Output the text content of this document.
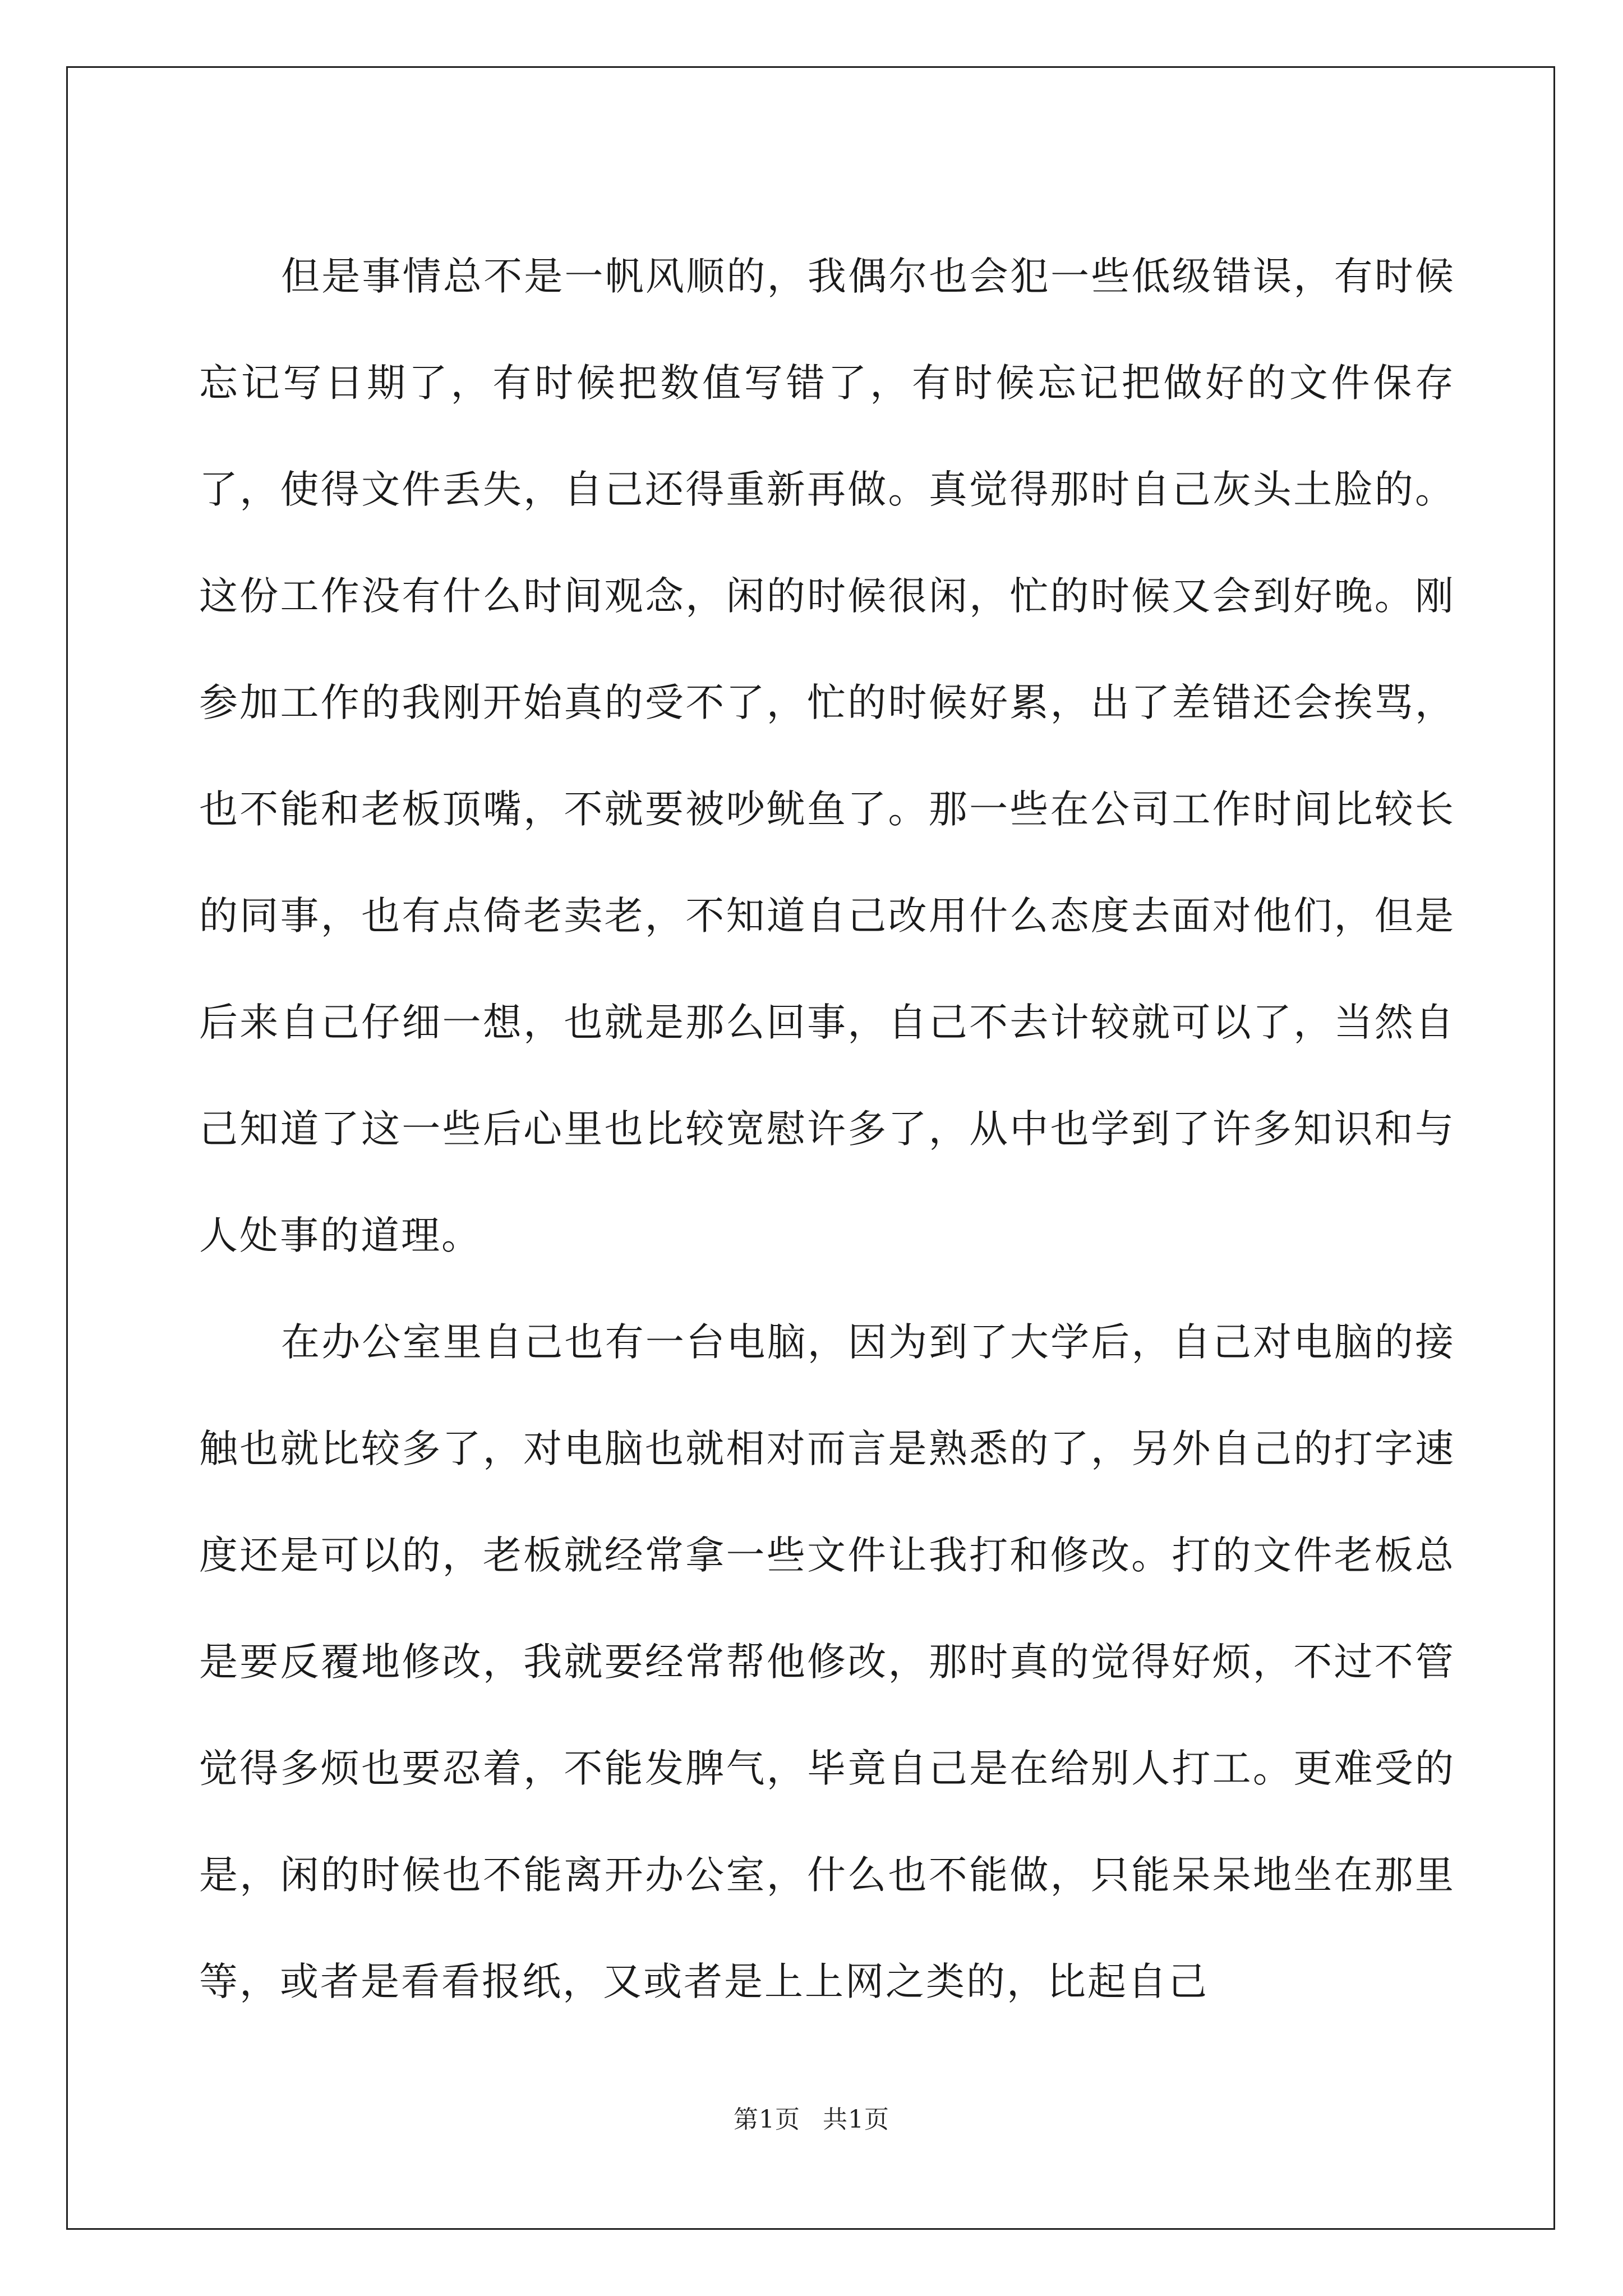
但是事情总不是一帆风顺的，我偶尔也会犯一些低级错误，有时候忘记写日期了，有时候把数值写错了，有时候忘记把做好的文件保存了，使得文件丢失，自己还得重新再做。真觉得那时自己灰头土脸的。这份工作没有什么时间观念，闲的时候很闲，忙的时候又会到好晚。刚参加工作的我刚开始真的受不了，忙的时候好累，出了差错还会挨骂，也不能和老板顶嘴，不就要被吵鱿鱼了。那一些在公司工作时间比较长的同事，也有点倚老卖老，不知道自己改用什么态度去面对他们，但是后来自己仔细一想，也就是那么回事，自己不去计较就可以了，当然自己知道了这一些后心里也比较宽慰许多了，从中也学到了许多知识和与人处事的道理。

在办公室里自己也有一台电脑，因为到了大学后，自己对电脑的接触也就比较多了，对电脑也就相对而言是熟悉的了，另外自己的打字速度还是可以的，老板就经常拿一些文件让我打和修改。打的文件老板总是要反覆地修改，我就要经常帮他修改，那时真的觉得好烦，不过不管觉得多烦也要忍着，不能发脾气，毕竟自己是在给别人打工。更难受的是，闲的时候也不能离开办公室，什么也不能做，只能呆呆地坐在那里等，或者是看看报纸，又或者是上上网之类的，比起自己

第1页 共1页
